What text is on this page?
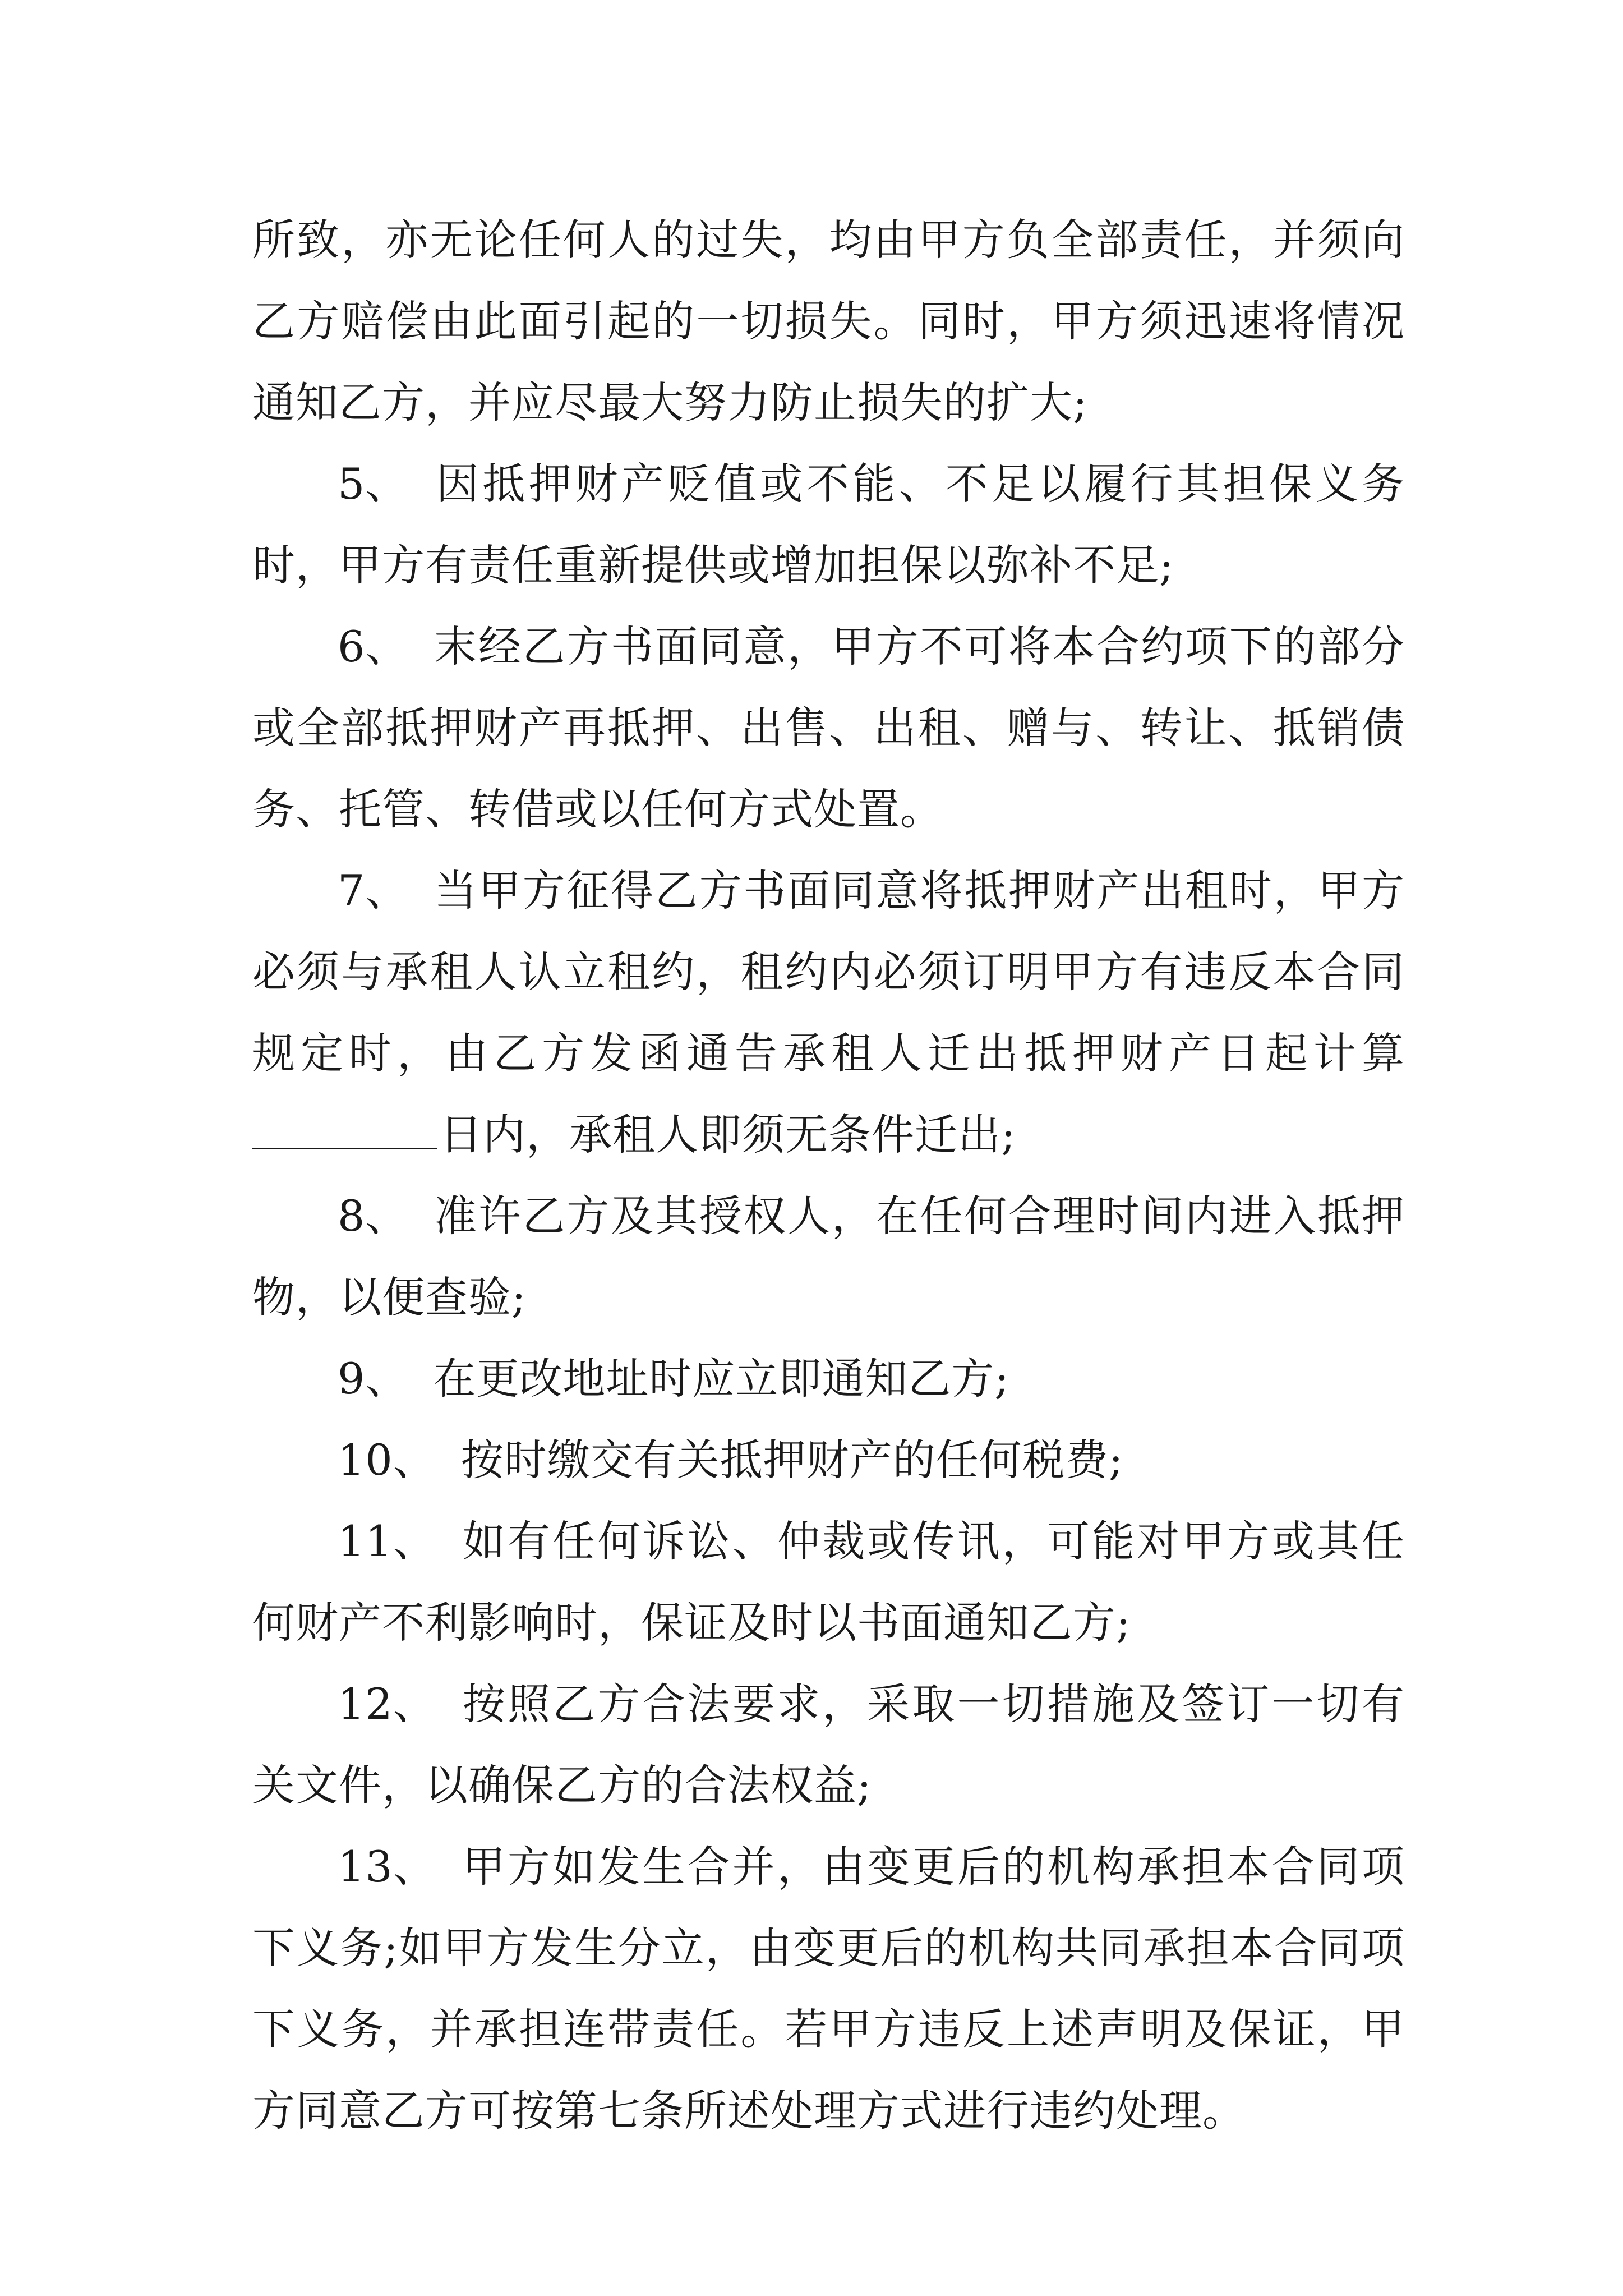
所致，亦无论任何人的过失，均由甲方负全部责任，并须向乙方赔偿由此面引起的一切损失。同时，甲方须迅速将情况通知乙方，并应尽最大努力防止损失的扩大;

5、 因抵押财产贬值或不能、不足以履行其担保义务时，甲方有责任重新提供或增加担保以弥补不足;

6、 末经乙方书面同意，甲方不可将本合约项下的部分或全部抵押财产再抵押、出售、出租、赠与、转让、抵销债务、托管、转借或以任何方式处置。

7、 当甲方征得乙方书面同意将抵押财产出租时，甲方必须与承租人认立租约，租约内必须订明甲方有违反本合同规定时，由乙方发函通告承租人迁出抵押财产日起计算日内，承租人即须无条件迁出;

8、 准许乙方及其授权人，在任何合理时间内进入抵押物，以便查验;

9、 在更改地址时应立即通知乙方;

10、 按时缴交有关抵押财产的任何税费;

11、 如有任何诉讼、仲裁或传讯，可能对甲方或其任何财产不利影响时，保证及时以书面通知乙方;

12、 按照乙方合法要求，采取一切措施及签订一切有关文件，以确保乙方的合法权益;

13、 甲方如发生合并，由变更后的机构承担本合同项下义务;如甲方发生分立，由变更后的机构共同承担本合同项下义务，并承担连带责任。若甲方违反上述声明及保证，甲方同意乙方可按第七条所述处理方式进行违约处理。
